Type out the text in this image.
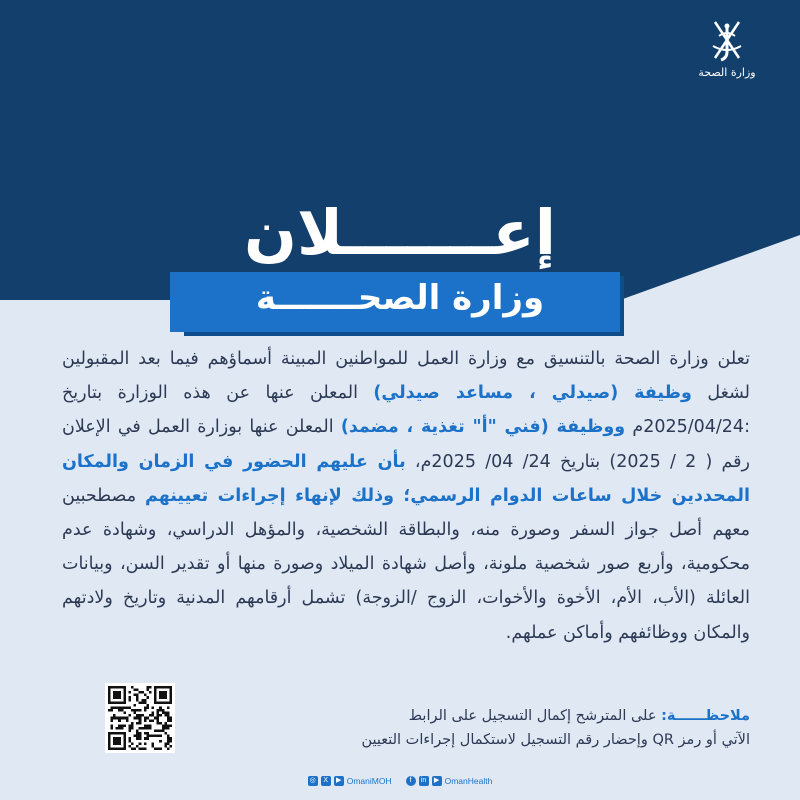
وزارة الصحة
إعـــــــلان
وزارة الصحـــــــة
تعلن وزارة الصحة بالتنسيق مع وزارة العمل للمواطنين المبينة أسماؤهم فيما بعد المقبولين لشغل وظيفة (صيدلي ، مساعد صيدلي) المعلن عنها عن هذه الوزارة بتاريخ :2025/04/24م ووظيفة (فني "أ" تغذية ، مضمد) المعلن عنها بوزارة العمل في الإعلان رقم ( 2 / 2025) بتاريخ 24/ 04/ 2025م، بأن عليهم الحضور في الزمان والمكان المحددين خلال ساعات الدوام الرسمي؛ وذلك لإنهاء إجراءات تعيينهم مصطحبين معهم أصل جواز السفر وصورة منه، والبطاقة الشخصية، والمؤهل الدراسي، وشهادة عدم محكومية، وأربع صور شخصية ملونة، وأصل شهادة الميلاد وصورة منها أو تقدير السن، وبيانات العائلة (الأب، الأم، الأخوة والأخوات، الزوج /الزوجة) تشمل أرقامهم المدنية وتاريخ ولادتهم والمكان ووظائفهم وأماكن عملهم.
ملاحظــــــة: على المترشح إكمال التسجيل على الرابط
الآتي أو رمز QR وإحضار رقم التسجيل لاستكمال إجراءات التعيين
◎	X	▶ OmaniMOH	f	in	▶ OmanHealth
